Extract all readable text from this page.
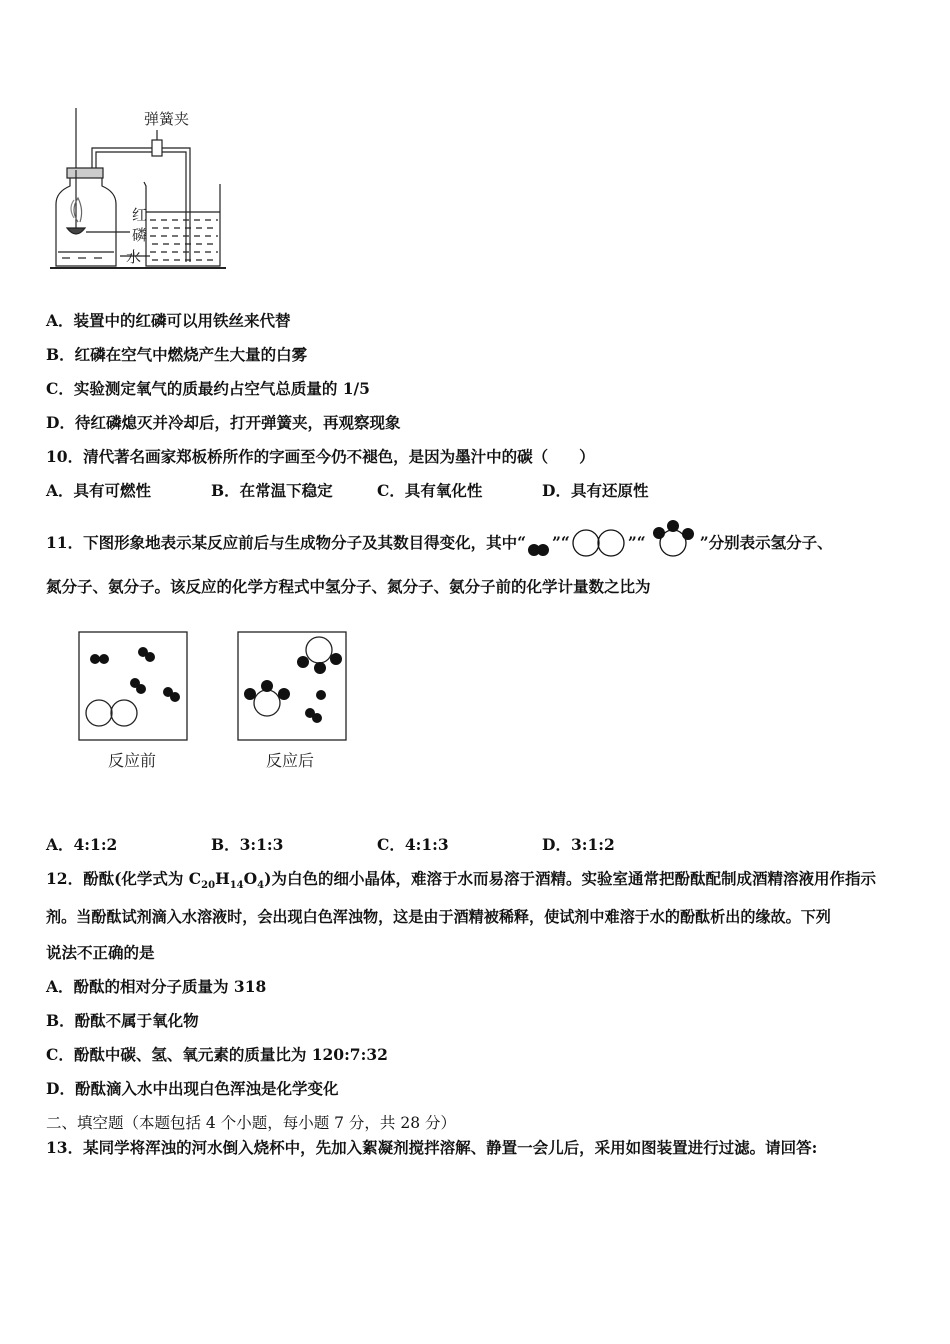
弹簧夹
红
磷
水
A．装置中的红磷可以用铁丝来代替
B．红磷在空气中燃烧产生大量的白雾
C．实验测定氧气的质最约占空气总质量的 1/5
D．待红磷熄灭并冷却后，打开弹簧夹，再观察现象
10．清代著名画家郑板桥所作的字画至今仍不褪色，是因为墨汁中的碳（　　）
A．具有可燃性	B．在常温下稳定	C．具有氧化性	D．具有还原性
11．下图形象地表示某反应前后与生成物分子及其数目得变化，其中“ ”“	”“	”分别表示氢分子、
氮分子、氨分子。该反应的化学方程式中氢分子、氮分子、氨分子前的化学计量数之比为
反应前	反应后
A．4:1:2	B．3:1:3	C．4:1:3	D．3:1:2
12．酚酞(化学式为 $C_{20}H_{14}O_4$)为白色的细小晶体，难溶于水而易溶于酒精。实验室通常把酚酞配制成酒精溶液用作指示
剂。当酚酞试剂滴入水溶液时，会出现白色浑浊物，这是由于酒精被稀释，使试剂中难溶于水的酚酞析出的缘故。下列
说法不正确的是
A．酚酞的相对分子质量为 318
B．酚酞不属于氧化物
C．酚酞中碳、氢、氧元素的质量比为 120:7:32
D．酚酞滴入水中出现白色浑浊是化学变化
二、填空题（本题包括 4 个小题，每小题 7 分，共 28 分）
13．某同学将浑浊的河水倒入烧杯中，先加入絮凝剂搅拌溶解、静置一会儿后，采用如图装置进行过滤。请回答:
